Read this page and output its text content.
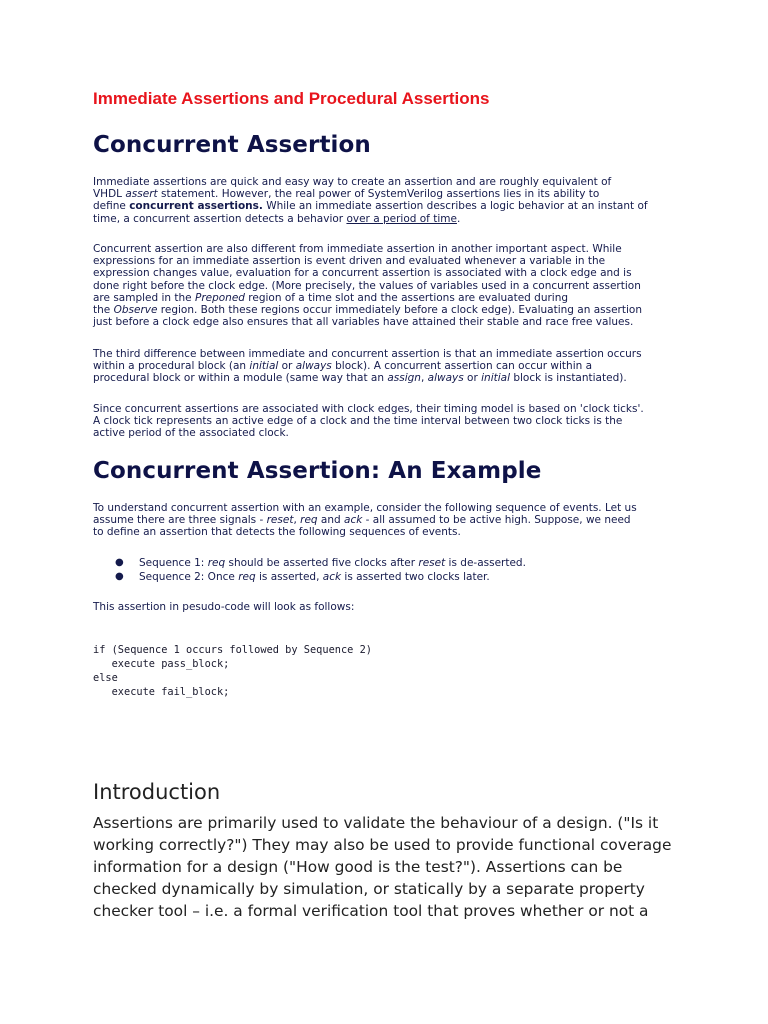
Immediate Assertions and Procedural Assertions
Concurrent Assertion

Immediate assertions are quick and easy way to create an assertion and are roughly equivalent of
VHDL assert statement. However, the real power of SystemVerilog assertions lies in its ability to
define concurrent assertions. While an immediate assertion describes a logic behavior at an instant of
time, a concurrent assertion detects a behavior over a period of time.

Concurrent assertion are also different from immediate assertion in another important aspect. While
expressions for an immediate assertion is event driven and evaluated whenever a variable in the
expression changes value, evaluation for a concurrent assertion is associated with a clock edge and is
done right before the clock edge. (More precisely, the values of variables used in a concurrent assertion
are sampled in the Preponed region of a time slot and the assertions are evaluated during
the Observe region. Both these regions occur immediately before a clock edge). Evaluating an assertion
just before a clock edge also ensures that all variables have attained their stable and race free values.

The third difference between immediate and concurrent assertion is that an immediate assertion occurs
within a procedural block (an initial or always block). A concurrent assertion can occur within a
procedural block or within a module (same way that an assign, always or initial block is instantiated).

Since concurrent assertions are associated with clock edges, their timing model is based on 'clock ticks'.
A clock tick represents an active edge of a clock and the time interval between two clock ticks is the
active period of the associated clock.

Concurrent Assertion: An Example

To understand concurrent assertion with an example, consider the following sequence of events. Let us
assume there are three signals - reset, req and ack - all assumed to be active high. Suppose, we need
to define an assertion that detects the following sequences of events.

● Sequence 1: req should be asserted five clocks after reset is de-asserted.
● Sequence 2: Once req is asserted, ack is asserted two clocks later.

This assertion in pesudo-code will look as follows:

if (Sequence 1 occurs followed by Sequence 2)
execute pass_block;
else
execute fail_block;
Introduction

Assertions are primarily used to validate the behaviour of a design. ("Is it
working correctly?") They may also be used to provide functional coverage
information for a design ("How good is the test?"). Assertions can be
checked dynamically by simulation, or statically by a separate property
checker tool – i.e. a formal verification tool that proves whether or not a
